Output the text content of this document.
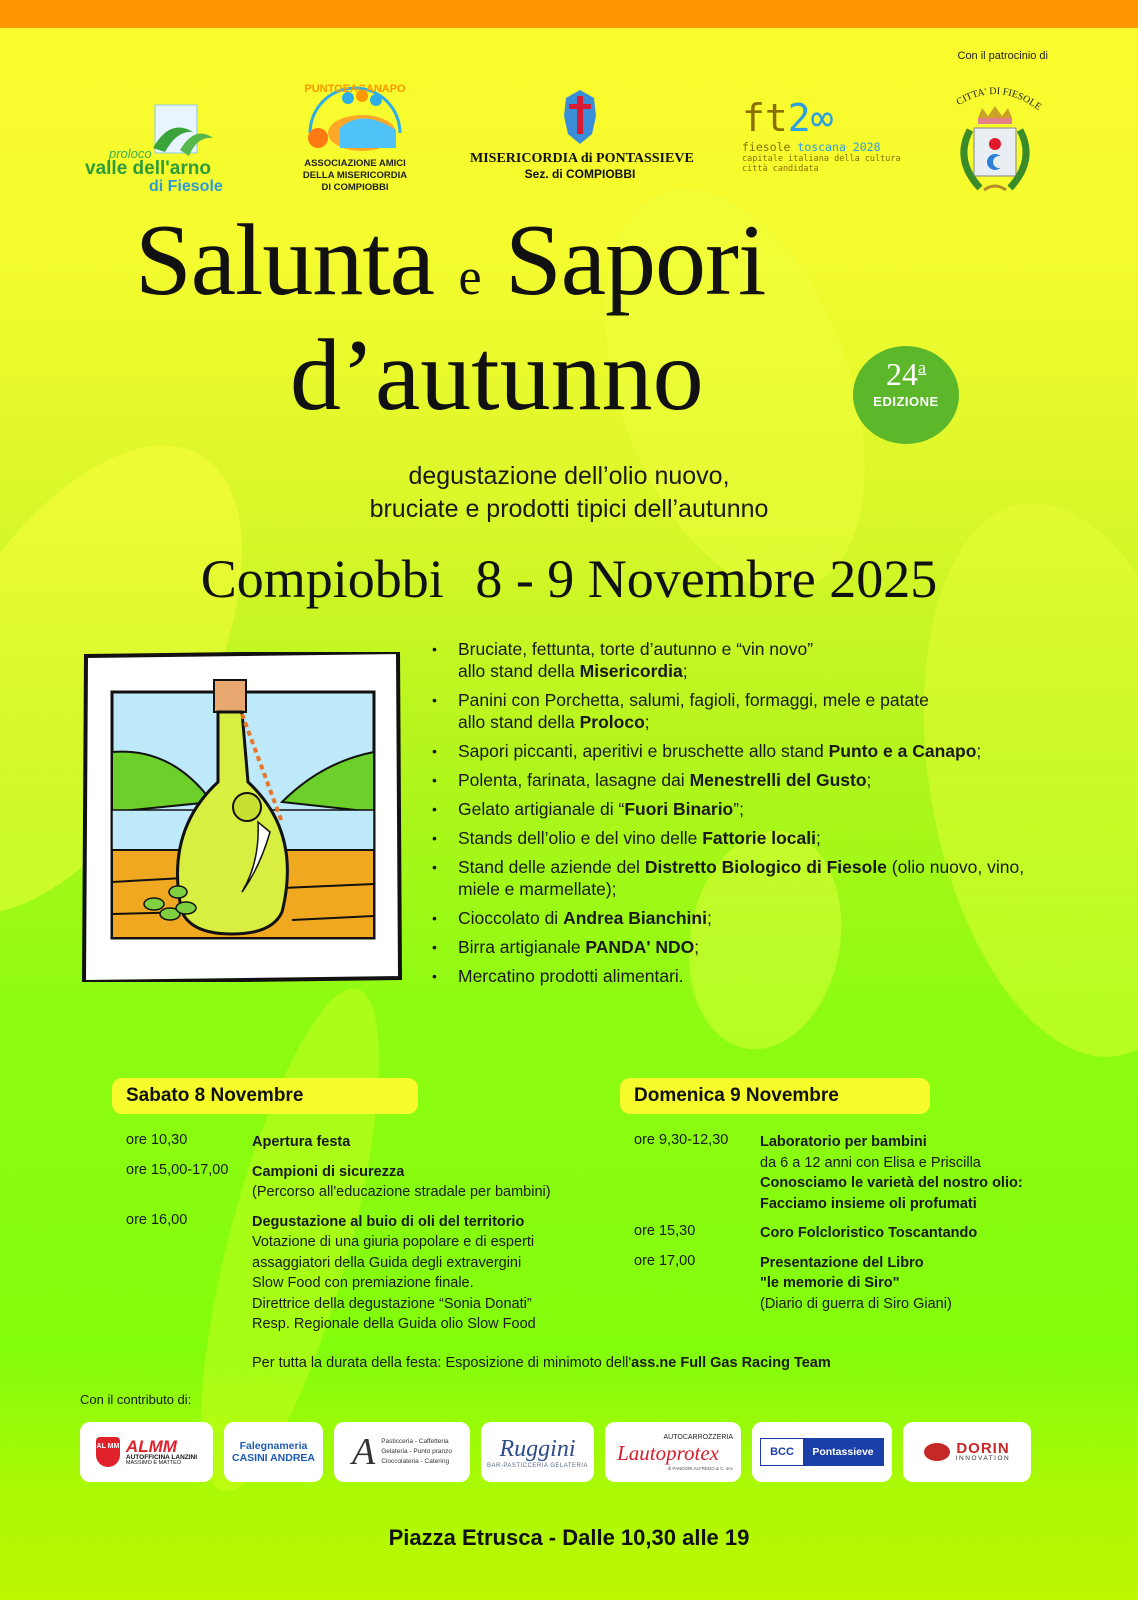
proloco
valle dell'arno
di Fiesole
PUNTOEACANAPO
ASSOCIAZIONE AMICI
DELLA MISERICORDIA
DI COMPIOBBI
MISERICORDIA di PONTASSIEVE
Sez. di COMPIOBBI
ft2∞
fiesole toscana 2028
capitale italiana della cultura
città candidata
Con il patrocinio di
CITTA' DI FIESOLE
Salunta e Sapori
d’autunno	24$^a$
EDIZIONE
degustazione dell’olio nuovo,
bruciate e prodotti tipici dell’autunno
Compiobbi 8 - 9 Novembre 2025
• Bruciate, fettunta, torte d’autunno e “vin novo”
allo stand della Misericordia;
• Panini con Porchetta, salumi, fagioli, formaggi, mele e patate
allo stand della Proloco;
• Sapori piccanti, aperitivi e bruschette allo stand Punto e a Canapo;
• Polenta, farinata, lasagne dai Menestrelli del Gusto;
• Gelato artigianale di “Fuori Binario”;
• Stands dell’olio e del vino delle Fattorie locali;
• Stand delle aziende del Distretto Biologico di Fiesole (olio nuovo, vino, miele e marmellate);
• Cioccolato di Andrea Bianchini;
• Birra artigianale PANDA' NDO;
• Mercatino prodotti alimentari.
Sabato 8 Novembre
ore 10,30	Apertura festa
ore 15,00-17,00	Campioni di sicurezza
(Percorso all'educazione stradale per bambini)
ore 16,00	Degustazione al buio di oli del territorio
Votazione di una giuria popolare e di esperti
assaggiatori della Guida degli extravergini
Slow Food con premiazione finale.
Direttrice della degustazione “Sonia Donati”
Resp. Regionale della Guida olio Slow Food
Domenica 9 Novembre
ore 9,30-12,30	Laboratorio per bambini
da 6 a 12 anni con Elisa e Priscilla
Conosciamo le varietà del nostro olio:
Facciamo insieme oli profumati
ore 15,30	Coro Folcloristico Toscantando
ore 17,00	Presentazione del Libro
"le memorie di Siro"
(Diario di guerra di Siro Giani)
Per tutta la durata della festa: Esposizione di minimoto dell'ass.ne Full Gas Racing Team
Con il contributo di:
AL MM ALMM
AUTOFFICINA LANZINI
MASSIMO E MATTEO
Falegnameria
CASINI ANDREA A Pasticceria - Caffetteria
Gelateria - Punto pranzo
Cioccolateria - Catering Ruggini
BAR-PASTICCERIA GELATERIA
AUTOCARROZZERIA
Lautoprotex
di PANDORI ALFREDO & C. snc
BCC	Pontassieve	DORIN
INNOVATION
Piazza Etrusca - Dalle 10,30 alle 19
